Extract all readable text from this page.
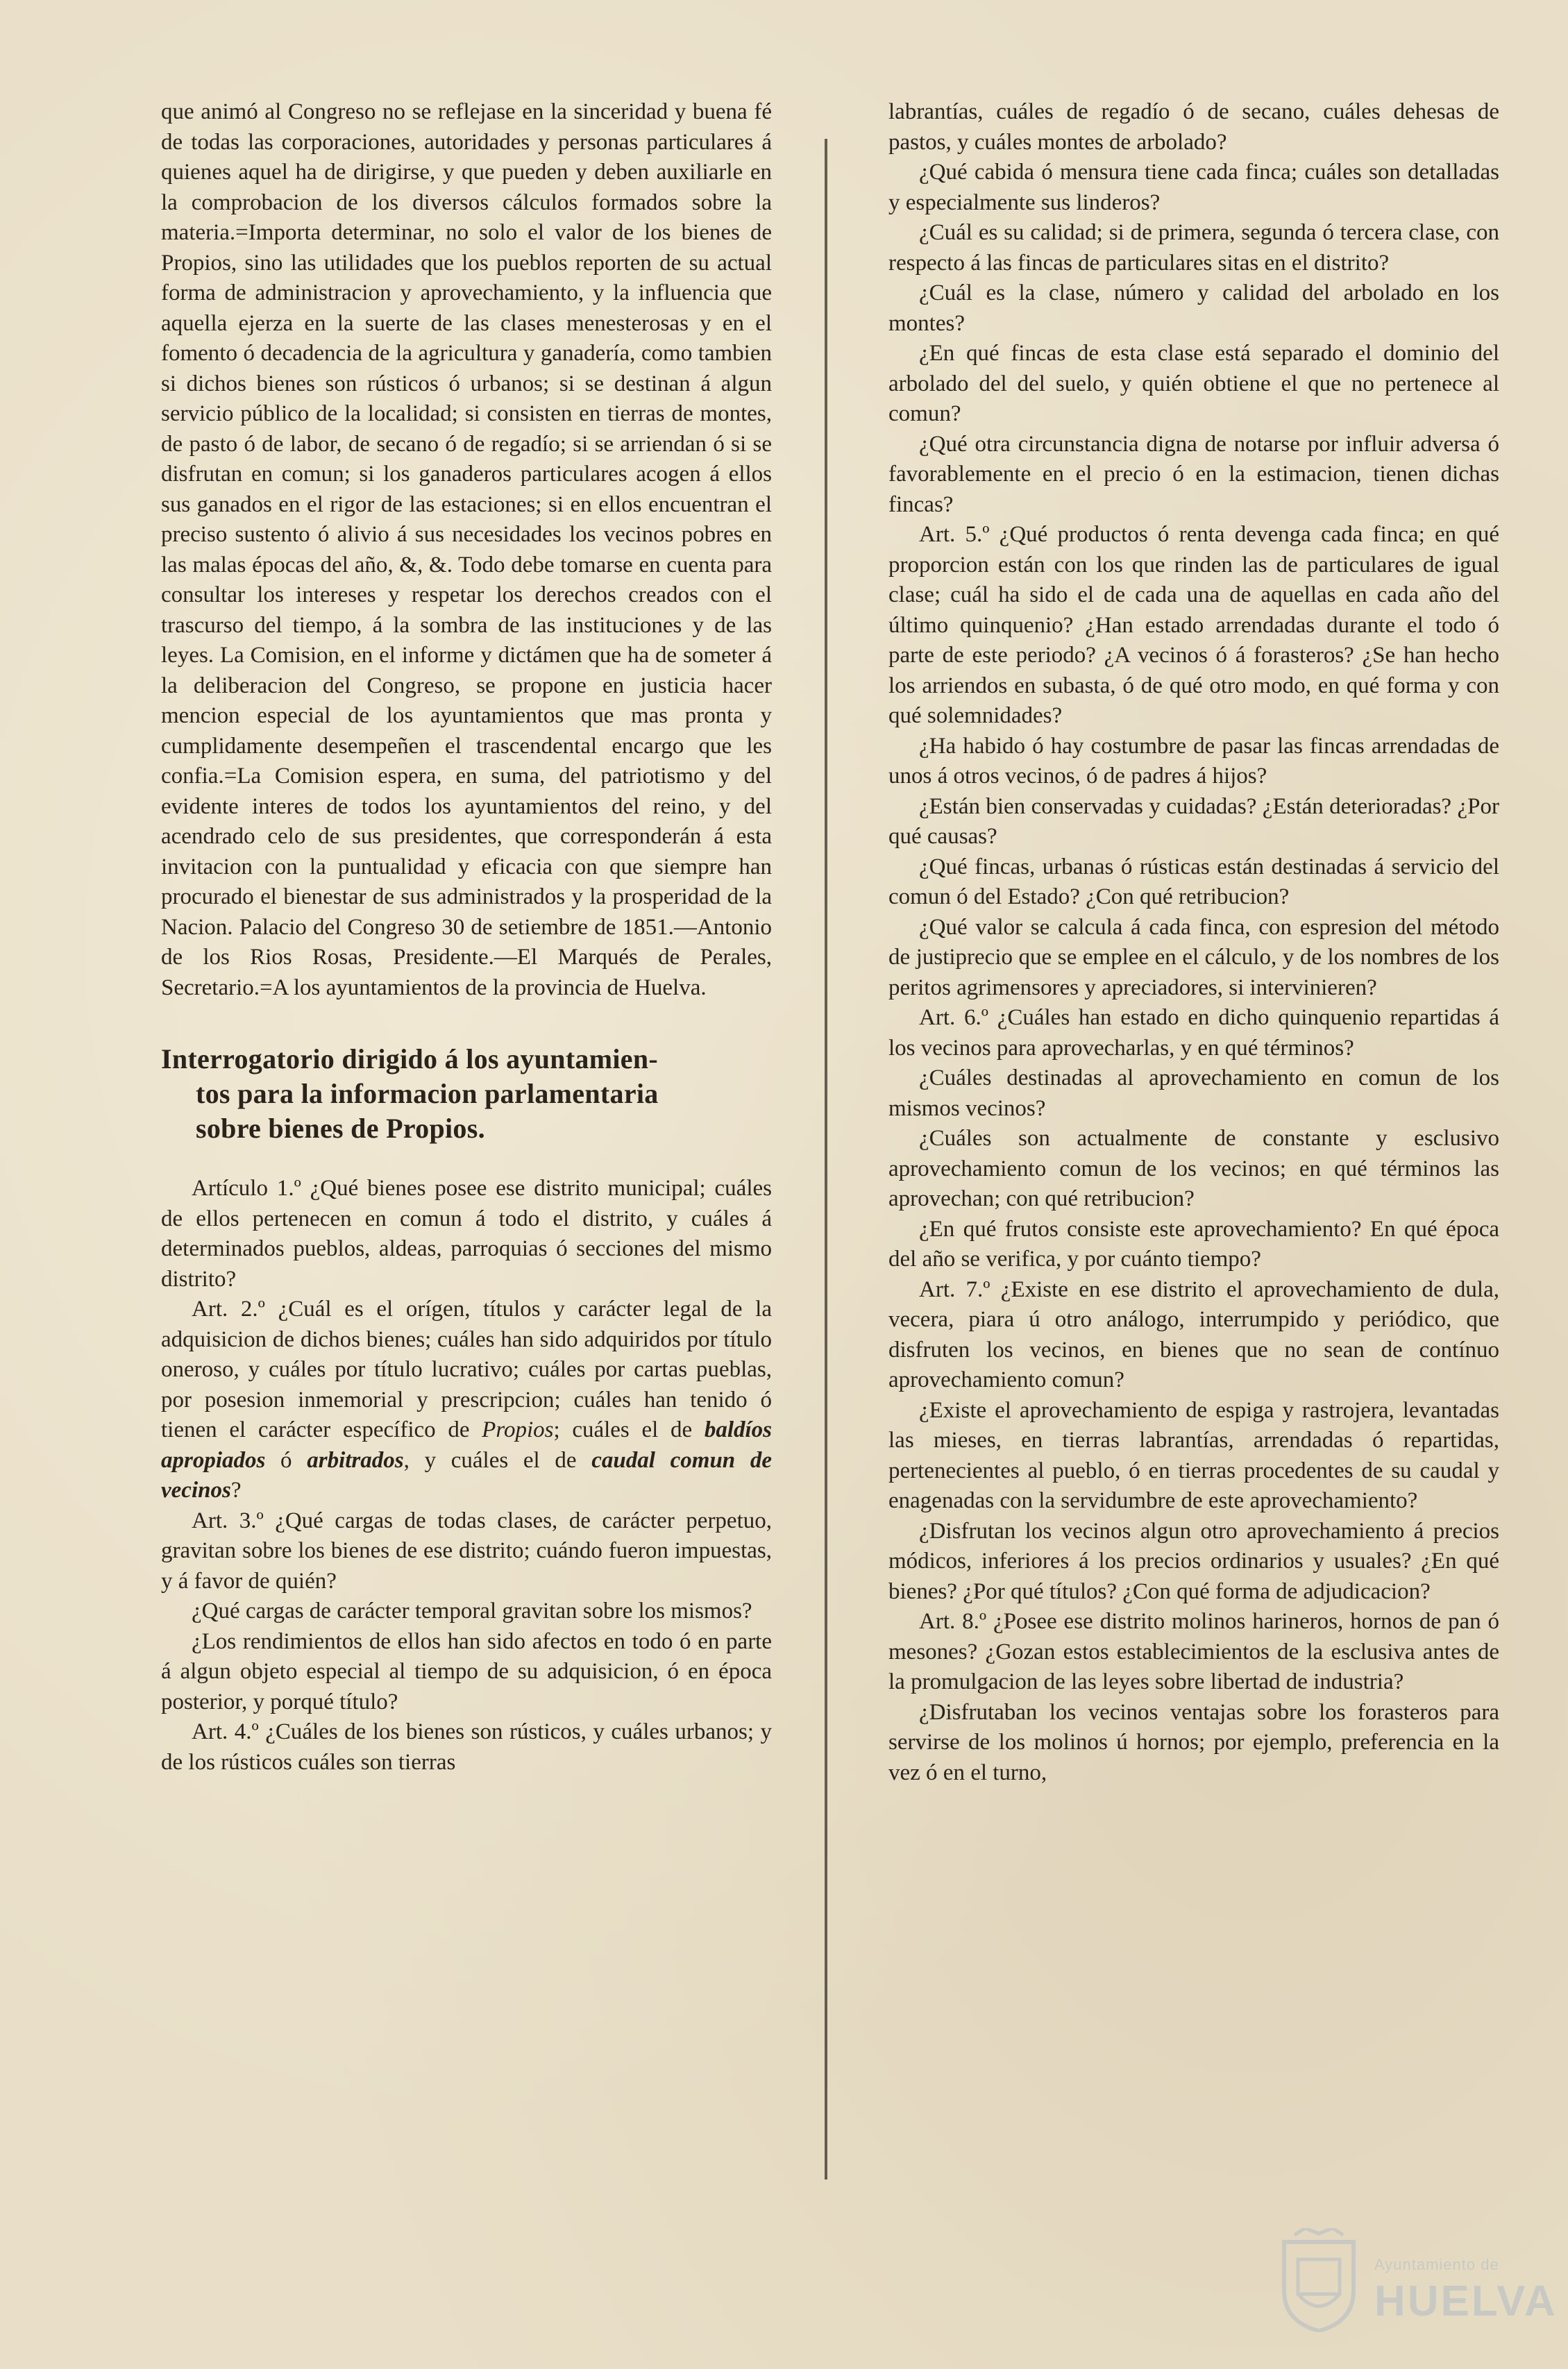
que animó al Congreso no se reflejase en la sinceridad y buena fé de todas las corporaciones, autoridades y personas particulares á quienes aquel ha de dirigirse, y que pueden y deben auxiliarle en la comprobacion de los diversos cálculos formados sobre la materia.=Importa determinar, no solo el valor de los bienes de Propios, sino las utilidades que los pueblos reporten de su actual forma de administracion y aprovechamiento, y la influencia que aquella ejerza en la suerte de las clases menesterosas y en el fomento ó decadencia de la agricultura y ganadería, como tambien si dichos bienes son rústicos ó urbanos; si se destinan á algun servicio público de la localidad; si consisten en tierras de montes, de pasto ó de labor, de secano ó de regadío; si se arriendan ó si se disfrutan en comun; si los ganaderos particulares acogen á ellos sus ganados en el rigor de las estaciones; si en ellos encuentran el preciso sustento ó alivio á sus necesidades los vecinos pobres en las malas épocas del año, &, &. Todo debe tomarse en cuenta para consultar los intereses y respetar los derechos creados con el trascurso del tiempo, á la sombra de las instituciones y de las leyes. La Comision, en el informe y dictámen que ha de someter á la deliberacion del Congreso, se propone en justicia hacer mencion especial de los ayuntamientos que mas pronta y cumplidamente desempeñen el trascendental encargo que les confia.=La Comision espera, en suma, del patriotismo y del evidente interes de todos los ayuntamientos del reino, y del acendrado celo de sus presidentes, que corresponderán á esta invitacion con la puntualidad y eficacia con que siempre han procurado el bienestar de sus administrados y la prosperidad de la Nacion. Palacio del Congreso 30 de setiembre de 1851.—Antonio de los Rios Rosas, Presidente.—El Marqués de Perales, Secretario.=A los ayuntamientos de la provincia de Huelva.

Interrogatorio dirigido á los ayuntamien-
tos para la informacion parlamentaria
sobre bienes de Propios.

Artículo 1.º ¿Qué bienes posee ese distrito municipal; cuáles de ellos pertenecen en comun á todo el distrito, y cuáles á determinados pueblos, aldeas, parroquias ó secciones del mismo distrito?

Art. 2.º ¿Cuál es el orígen, títulos y carácter legal de la adquisicion de dichos bienes; cuáles han sido adquiridos por título oneroso, y cuáles por título lucrativo; cuáles por cartas pueblas, por posesion inmemorial y prescripcion; cuáles han tenido ó tienen el carácter específico de Propios; cuáles el de baldíos apropiados ó arbitrados, y cuáles el de caudal comun de vecinos?

Art. 3.º ¿Qué cargas de todas clases, de carácter perpetuo, gravitan sobre los bienes de ese distrito; cuándo fueron impuestas, y á favor de quién?

¿Qué cargas de carácter temporal gravitan sobre los mismos?

¿Los rendimientos de ellos han sido afectos en todo ó en parte á algun objeto especial al tiempo de su adquisicion, ó en época posterior, y porqué título?

Art. 4.º ¿Cuáles de los bienes son rústicos, y cuáles urbanos; y de los rústicos cuáles son tierras

labrantías, cuáles de regadío ó de secano, cuáles dehesas de pastos, y cuáles montes de arbolado?

¿Qué cabida ó mensura tiene cada finca; cuáles son detalladas y especialmente sus linderos?

¿Cuál es su calidad; si de primera, segunda ó tercera clase, con respecto á las fincas de particulares sitas en el distrito?

¿Cuál es la clase, número y calidad del arbolado en los montes?

¿En qué fincas de esta clase está separado el dominio del arbolado del del suelo, y quién obtiene el que no pertenece al comun?

¿Qué otra circunstancia digna de notarse por influir adversa ó favorablemente en el precio ó en la estimacion, tienen dichas fincas?

Art. 5.º ¿Qué productos ó renta devenga cada finca; en qué proporcion están con los que rinden las de particulares de igual clase; cuál ha sido el de cada una de aquellas en cada año del último quinquenio? ¿Han estado arrendadas durante el todo ó parte de este periodo? ¿A vecinos ó á forasteros? ¿Se han hecho los arriendos en subasta, ó de qué otro modo, en qué forma y con qué solemnidades?

¿Ha habido ó hay costumbre de pasar las fincas arrendadas de unos á otros vecinos, ó de padres á hijos?

¿Están bien conservadas y cuidadas? ¿Están deterioradas? ¿Por qué causas?

¿Qué fincas, urbanas ó rústicas están destinadas á servicio del comun ó del Estado? ¿Con qué retribucion?

¿Qué valor se calcula á cada finca, con espresion del método de justiprecio que se emplee en el cálculo, y de los nombres de los peritos agrimensores y apreciadores, si intervinieren?

Art. 6.º ¿Cuáles han estado en dicho quinquenio repartidas á los vecinos para aprovecharlas, y en qué términos?

¿Cuáles destinadas al aprovechamiento en comun de los mismos vecinos?

¿Cuáles son actualmente de constante y esclusivo aprovechamiento comun de los vecinos; en qué términos las aprovechan; con qué retribucion?

¿En qué frutos consiste este aprovechamiento? En qué época del año se verifica, y por cuánto tiempo?

Art. 7.º ¿Existe en ese distrito el aprovechamiento de dula, vecera, piara ú otro análogo, interrumpido y periódico, que disfruten los vecinos, en bienes que no sean de contínuo aprovechamiento comun?

¿Existe el aprovechamiento de espiga y rastrojera, levantadas las mieses, en tierras labrantías, arrendadas ó repartidas, pertenecientes al pueblo, ó en tierras procedentes de su caudal y enagenadas con la servidumbre de este aprovechamiento?

¿Disfrutan los vecinos algun otro aprovechamiento á precios módicos, inferiores á los precios ordinarios y usuales? ¿En qué bienes? ¿Por qué títulos? ¿Con qué forma de adjudicacion?

Art. 8.º ¿Posee ese distrito molinos harineros, hornos de pan ó mesones? ¿Gozan estos establecimientos de la esclusiva antes de la promulgacion de las leyes sobre libertad de industria?

¿Disfrutaban los vecinos ventajas sobre los forasteros para servirse de los molinos ú hornos; por ejemplo, preferencia en la vez ó en el turno,

Ayuntamiento de
HUELVA
